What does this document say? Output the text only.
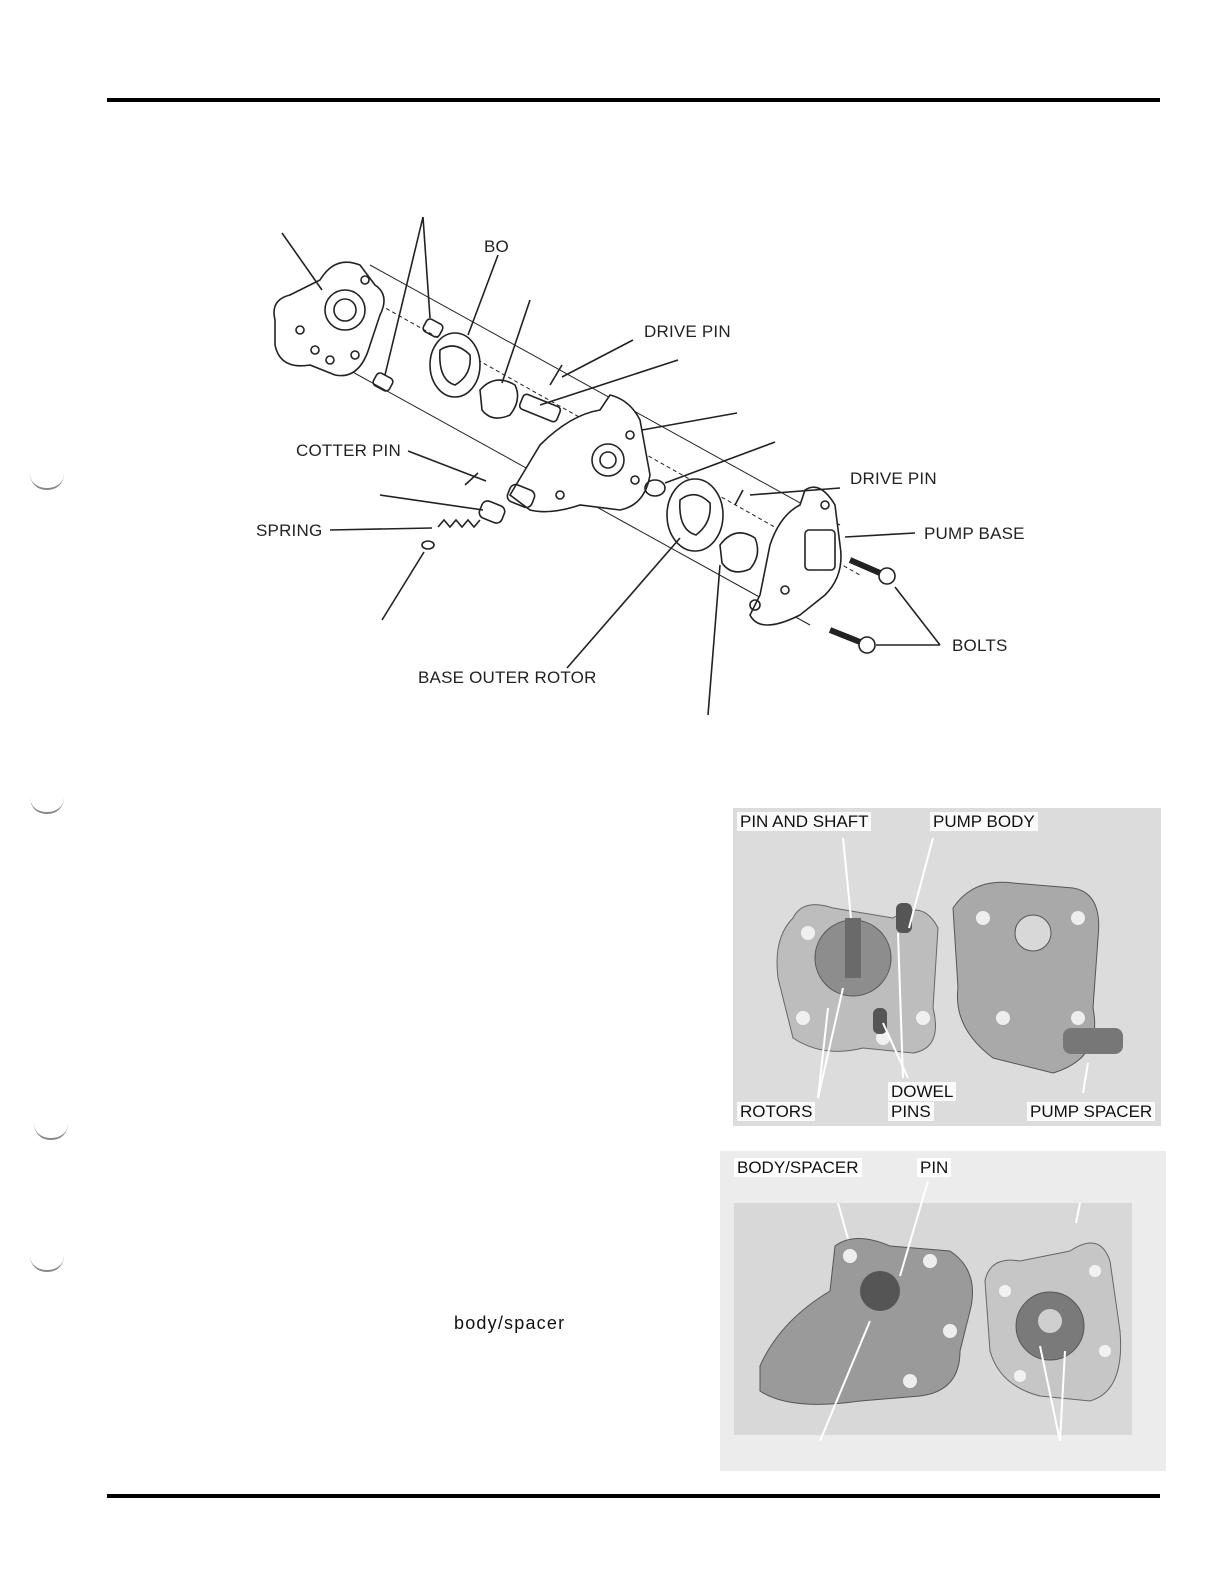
BO
DRIVE PIN
COTTER PIN
DRIVE PIN
SPRING	PUMP BASE
BOLTS
BASE OUTER ROTOR
PIN AND SHAFT	PUMP BODY
DOWEL
PINS
ROTORS	PUMP SPACER
BODY/SPACER	PIN
body/spacer
